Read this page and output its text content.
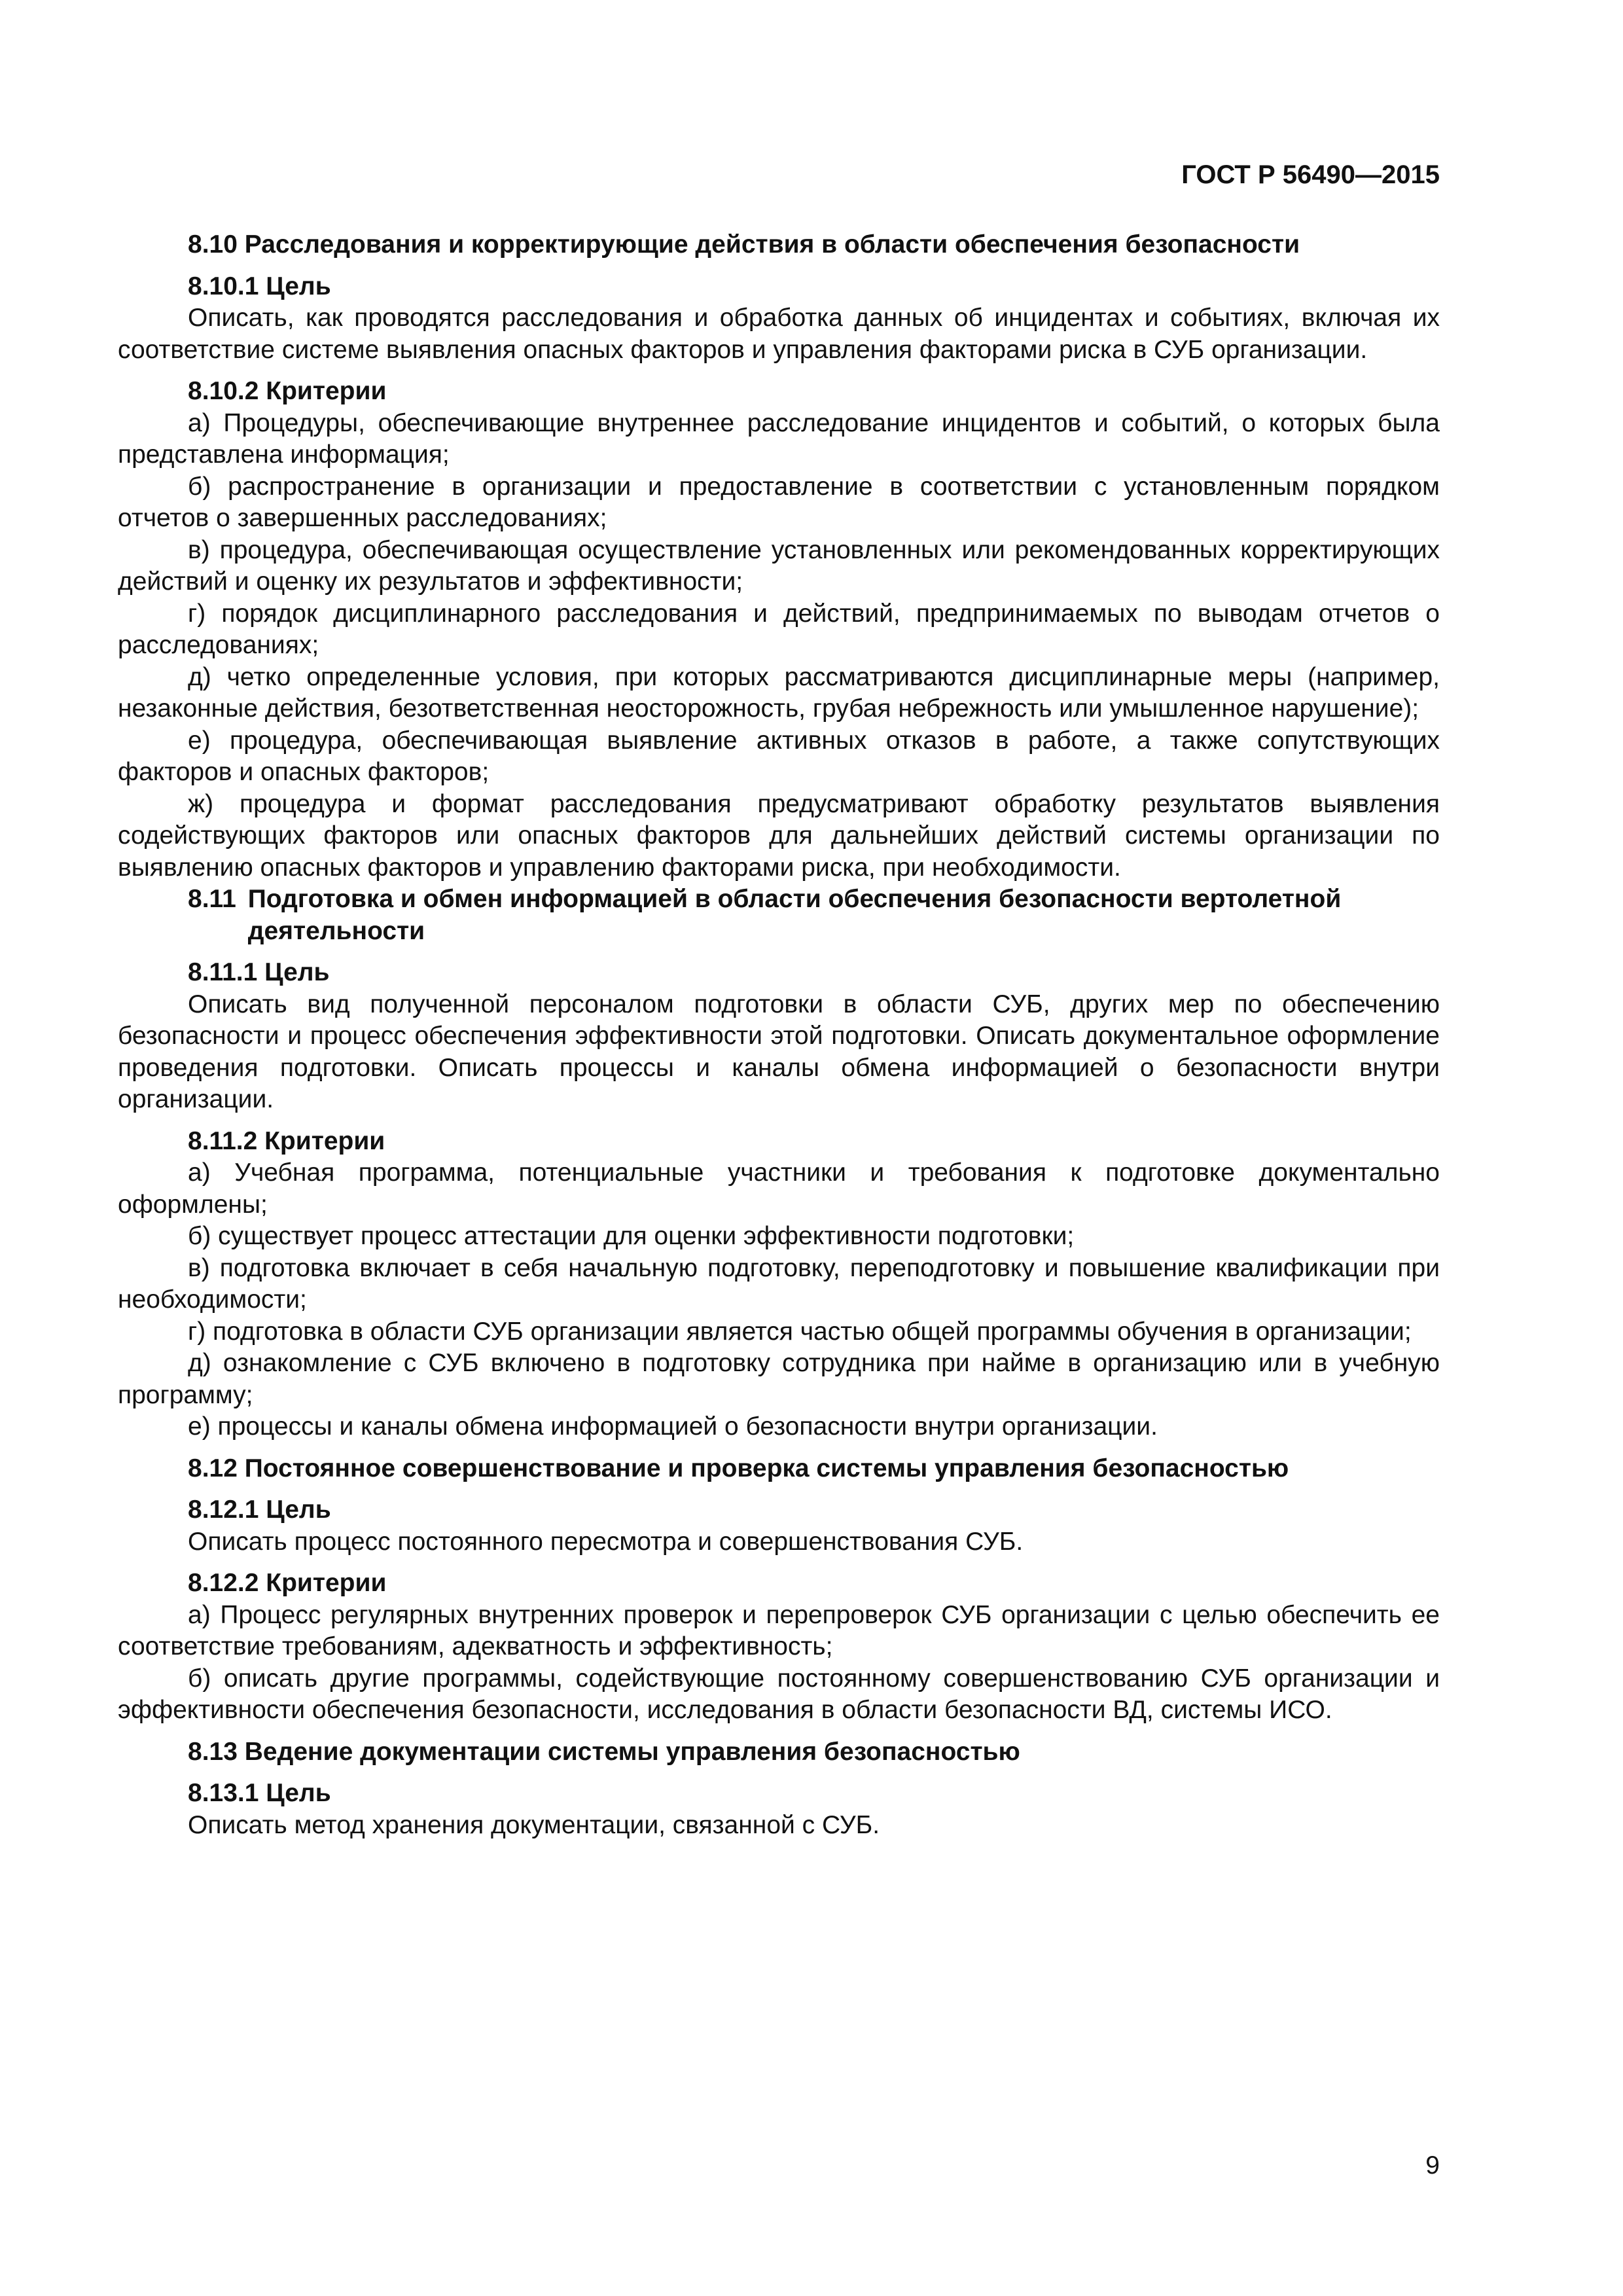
ГОСТ Р 56490—2015
8.10 Расследования и корректирующие действия в области обеспечения безопасности
8.10.1 Цель
Описать, как проводятся расследования и обработка данных об инцидентах и событиях, включая их соответствие системе выявления опасных факторов и управления факторами риска в СУБ организации.
8.10.2 Критерии
а) Процедуры, обеспечивающие внутреннее расследование инцидентов и событий, о которых была представлена информация;
б) распространение в организации и предоставление в соответствии с установленным порядком отчетов о завершенных расследованиях;
в) процедура, обеспечивающая осуществление установленных или рекомендованных корректирующих действий и оценку их результатов и эффективности;
г) порядок дисциплинарного расследования и действий, предпринимаемых по выводам отчетов о расследованиях;
д) четко определенные условия, при которых рассматриваются дисциплинарные меры (например, незаконные действия, безответственная неосторожность, грубая небрежность или умышленное нарушение);
е) процедура, обеспечивающая выявление активных отказов в работе, а также сопутствующих факторов и опасных факторов;
ж) процедура и формат расследования предусматривают обработку результатов выявления содействующих факторов или опасных факторов для дальнейших действий системы организации по выявлению опасных факторов и управлению факторами риска, при необходимости.
8.11 Подготовка и обмен информацией в области обеспечения безопасности вертолетной деятельности
8.11.1 Цель
Описать вид полученной персоналом подготовки в области СУБ, других мер по обеспечению безопасности и процесс обеспечения эффективности этой подготовки. Описать документальное оформление проведения подготовки. Описать процессы и каналы обмена информацией о безопасности внутри организации.
8.11.2 Критерии
а) Учебная программа, потенциальные участники и требования к подготовке документально оформлены;
б) существует процесс аттестации для оценки эффективности подготовки;
в) подготовка включает в себя начальную подготовку, переподготовку и повышение квалификации при необходимости;
г) подготовка в области СУБ организации является частью общей программы обучения в организации;
д) ознакомление с СУБ включено в подготовку сотрудника при найме в организацию или в учебную программу;
е) процессы и каналы обмена информацией о безопасности внутри организации.
8.12 Постоянное совершенствование и проверка системы управления безопасностью
8.12.1 Цель
Описать процесс постоянного пересмотра и совершенствования СУБ.
8.12.2 Критерии
а) Процесс регулярных внутренних проверок и перепроверок СУБ организации с целью обеспечить ее соответствие требованиям, адекватность и эффективность;
б) описать другие программы, содействующие постоянному совершенствованию СУБ организации и эффективности обеспечения безопасности, исследования в области безопасности ВД, системы ИСО.
8.13 Ведение документации системы управления безопасностью
8.13.1 Цель
Описать метод хранения документации, связанной с СУБ.
9
